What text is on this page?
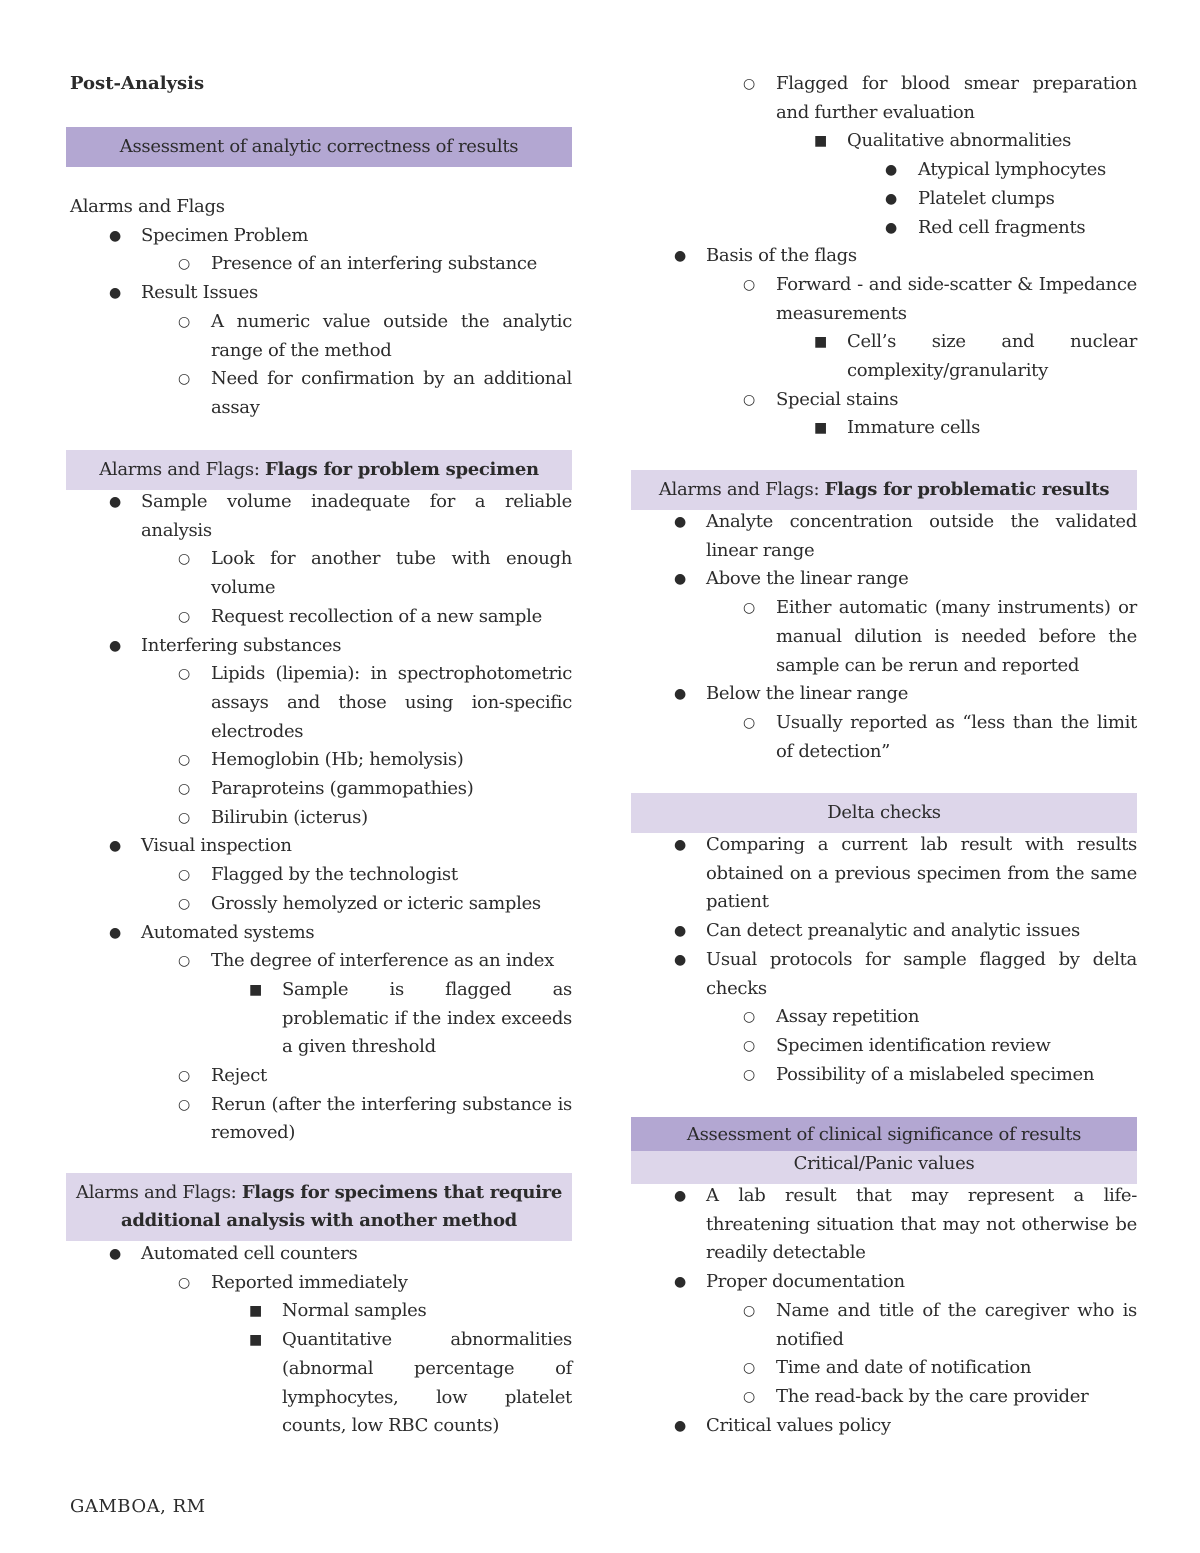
Post-Analysis
Assessment of analytic correctness of results
Alarms and Flags
● Specimen Problem
○ Presence of an interfering substance
● Result Issues
○ A numeric value outside the analytic range of the method
○ Need for confirmation by an additional assay
Alarms and Flags: Flags for problem specimen
● Sample volume inadequate for a reliable analysis
○ Look for another tube with enough volume
○ Request recollection of a new sample
● Interfering substances
○ Lipids (lipemia): in spectrophotometric assays and those using ion-specific electrodes
○ Hemoglobin (Hb; hemolysis)
○ Paraproteins (gammopathies)
○ Bilirubin (icterus)
● Visual inspection
○ Flagged by the technologist
○ Grossly hemolyzed or icteric samples
● Automated systems
○ The degree of interference as an index
■ Sample is flagged as problematic if the index exceeds a given threshold
○ Reject
○ Rerun (after the interfering substance is removed)
Alarms and Flags: Flags for specimens that require additional analysis with another method
● Automated cell counters
○ Reported immediately
■ Normal samples
■ Quantitative abnormalities (abnormal percentage of lymphocytes, low platelet counts, low RBC counts)
○ Flagged for blood smear preparation and further evaluation
■ Qualitative abnormalities
● Atypical lymphocytes
● Platelet clumps
● Red cell fragments
● Basis of the flags
○ Forward - and side-scatter & Impedance measurements
■ Cell’s size and nuclear complexity/granularity
○ Special stains
■ Immature cells
Alarms and Flags: Flags for problematic results
● Analyte concentration outside the validated linear range
● Above the linear range
○ Either automatic (many instruments) or manual dilution is needed before the sample can be rerun and reported
● Below the linear range
○ Usually reported as “less than the limit of detection”
Delta checks
● Comparing a current lab result with results obtained on a previous specimen from the same patient
● Can detect preanalytic and analytic issues
● Usual protocols for sample flagged by delta checks
○ Assay repetition
○ Specimen identification review
○ Possibility of a mislabeled specimen
Assessment of clinical significance of results
Critical/Panic values
● A lab result that may represent a life-threatening situation that may not otherwise be readily detectable
● Proper documentation
○ Name and title of the caregiver who is notified
○ Time and date of notification
○ The read-back by the care provider
● Critical values policy
GAMBOA, RM
